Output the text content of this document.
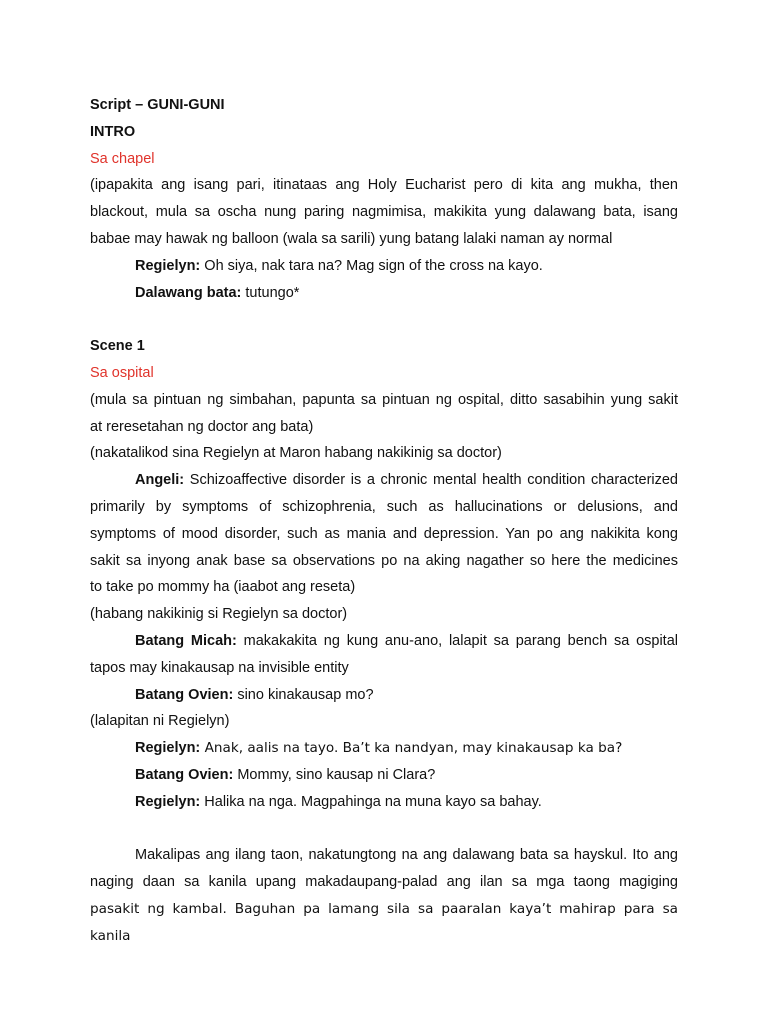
Script – GUNI-GUNI
INTRO
Sa chapel
(ipapakita ang isang pari, itinataas ang Holy Eucharist pero di kita ang mukha, then
blackout, mula sa oscha nung paring nagmimisa, makikita yung dalawang bata, isang
babae may hawak ng balloon (wala sa sarili) yung batang lalaki naman ay normal
Regielyn: Oh siya, nak tara na? Mag sign of the cross na kayo.
Dalawang bata: tutungo*
Scene 1
Sa ospital
(mula sa pintuan ng simbahan, papunta sa pintuan ng ospital, ditto sasabihin yung sakit
at reresetahan ng doctor ang bata)
(nakatalikod sina Regielyn at Maron habang nakikinig sa doctor)
Angeli: Schizoaffective disorder is a chronic mental health condition characterized
primarily by symptoms of schizophrenia, such as hallucinations or delusions, and
symptoms of mood disorder, such as mania and depression. Yan po ang nakikita kong
sakit sa inyong anak base sa observations po na aking nagather so here the medicines
to take po mommy ha (iaabot ang reseta)
(habang nakikinig si Regielyn sa doctor)
Batang Micah: makakakita ng kung anu-ano, lalapit sa parang bench sa ospital
tapos may kinakausap na invisible entity
Batang Ovien: sino kinakausap mo?
(lalapitan ni Regielyn)
Regielyn: Anak, aalis na tayo. Ba’t ka nandyan, may kinakausap ka ba?
Batang Ovien: Mommy, sino kausap ni Clara?
Regielyn: Halika na nga. Magpahinga na muna kayo sa bahay.
Makalipas ang ilang taon, nakatungtong na ang dalawang bata sa hayskul. Ito ang
naging daan sa kanila upang makadaupang-palad ang ilan sa mga taong magiging
pasakit ng kambal. Baguhan pa lamang sila sa paaralan kaya’t mahirap para sa kanila
